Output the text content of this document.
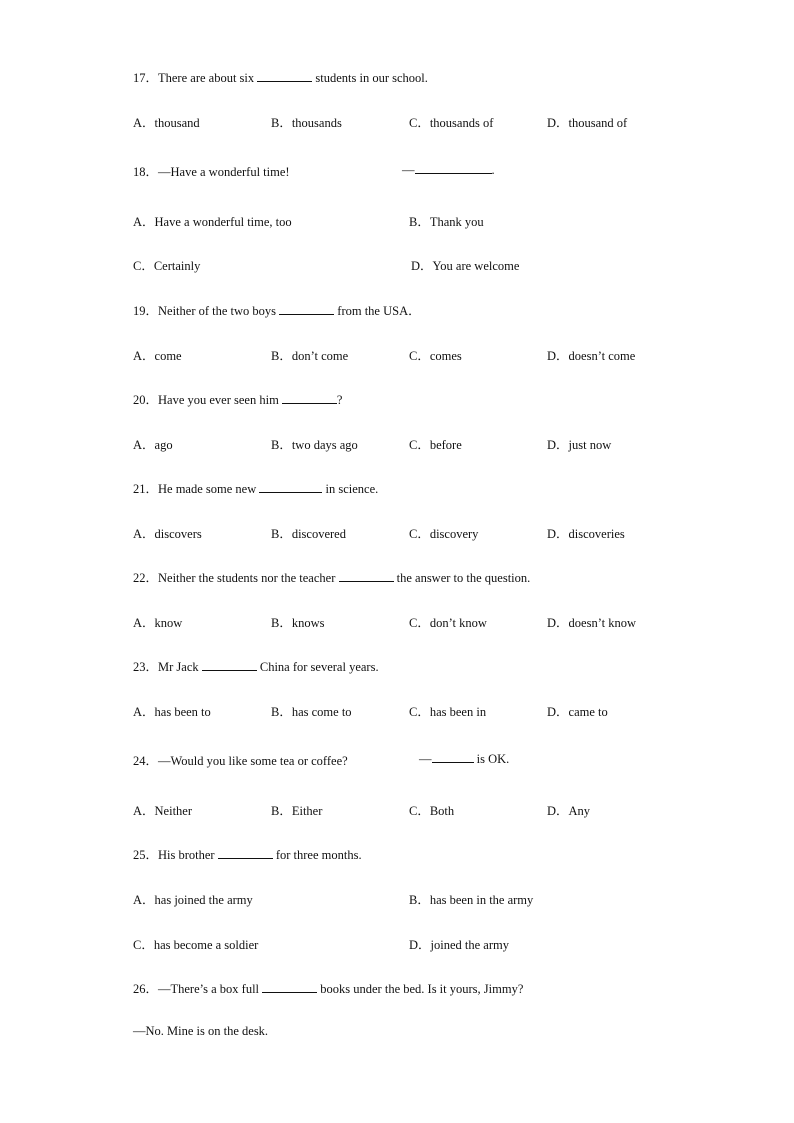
17．There are about six	students in our school.
A．thousand	B．thousands	C．thousands of	D．thousand of
18．—Have a wonderful time!	—	.
A．Have a wonderful time, too	B．Thank you
C．Certainly	D．You are welcome
19．Neither of the two boys	from the USA．
A．come	B．don’t come	C．comes	D．doesn’t come
20．Have you ever seen him	?
A．ago	B．two days ago	C．before	D．just now
21．He made some new	in science.
A．discovers	B．discovered	C．discovery	D．discoveries
22．Neither the students nor the teacher	the answer to the question.
A．know	B．knows	C．don’t know	D．doesn’t know
23．Mr Jack	China for several years.
A．has been to	B．has come to	C．has been in	D．came to
24．—Would you like some tea or coffee?	—	is OK.
A．Neither	B．Either	C．Both	D．Any
25．His brother	for three months.
A．has joined the army	B．has been in the army
C．has become a soldier	D．joined the army
26．—There’s a box full	books under the bed. Is it yours, Jimmy?
—No. Mine is on the desk.
